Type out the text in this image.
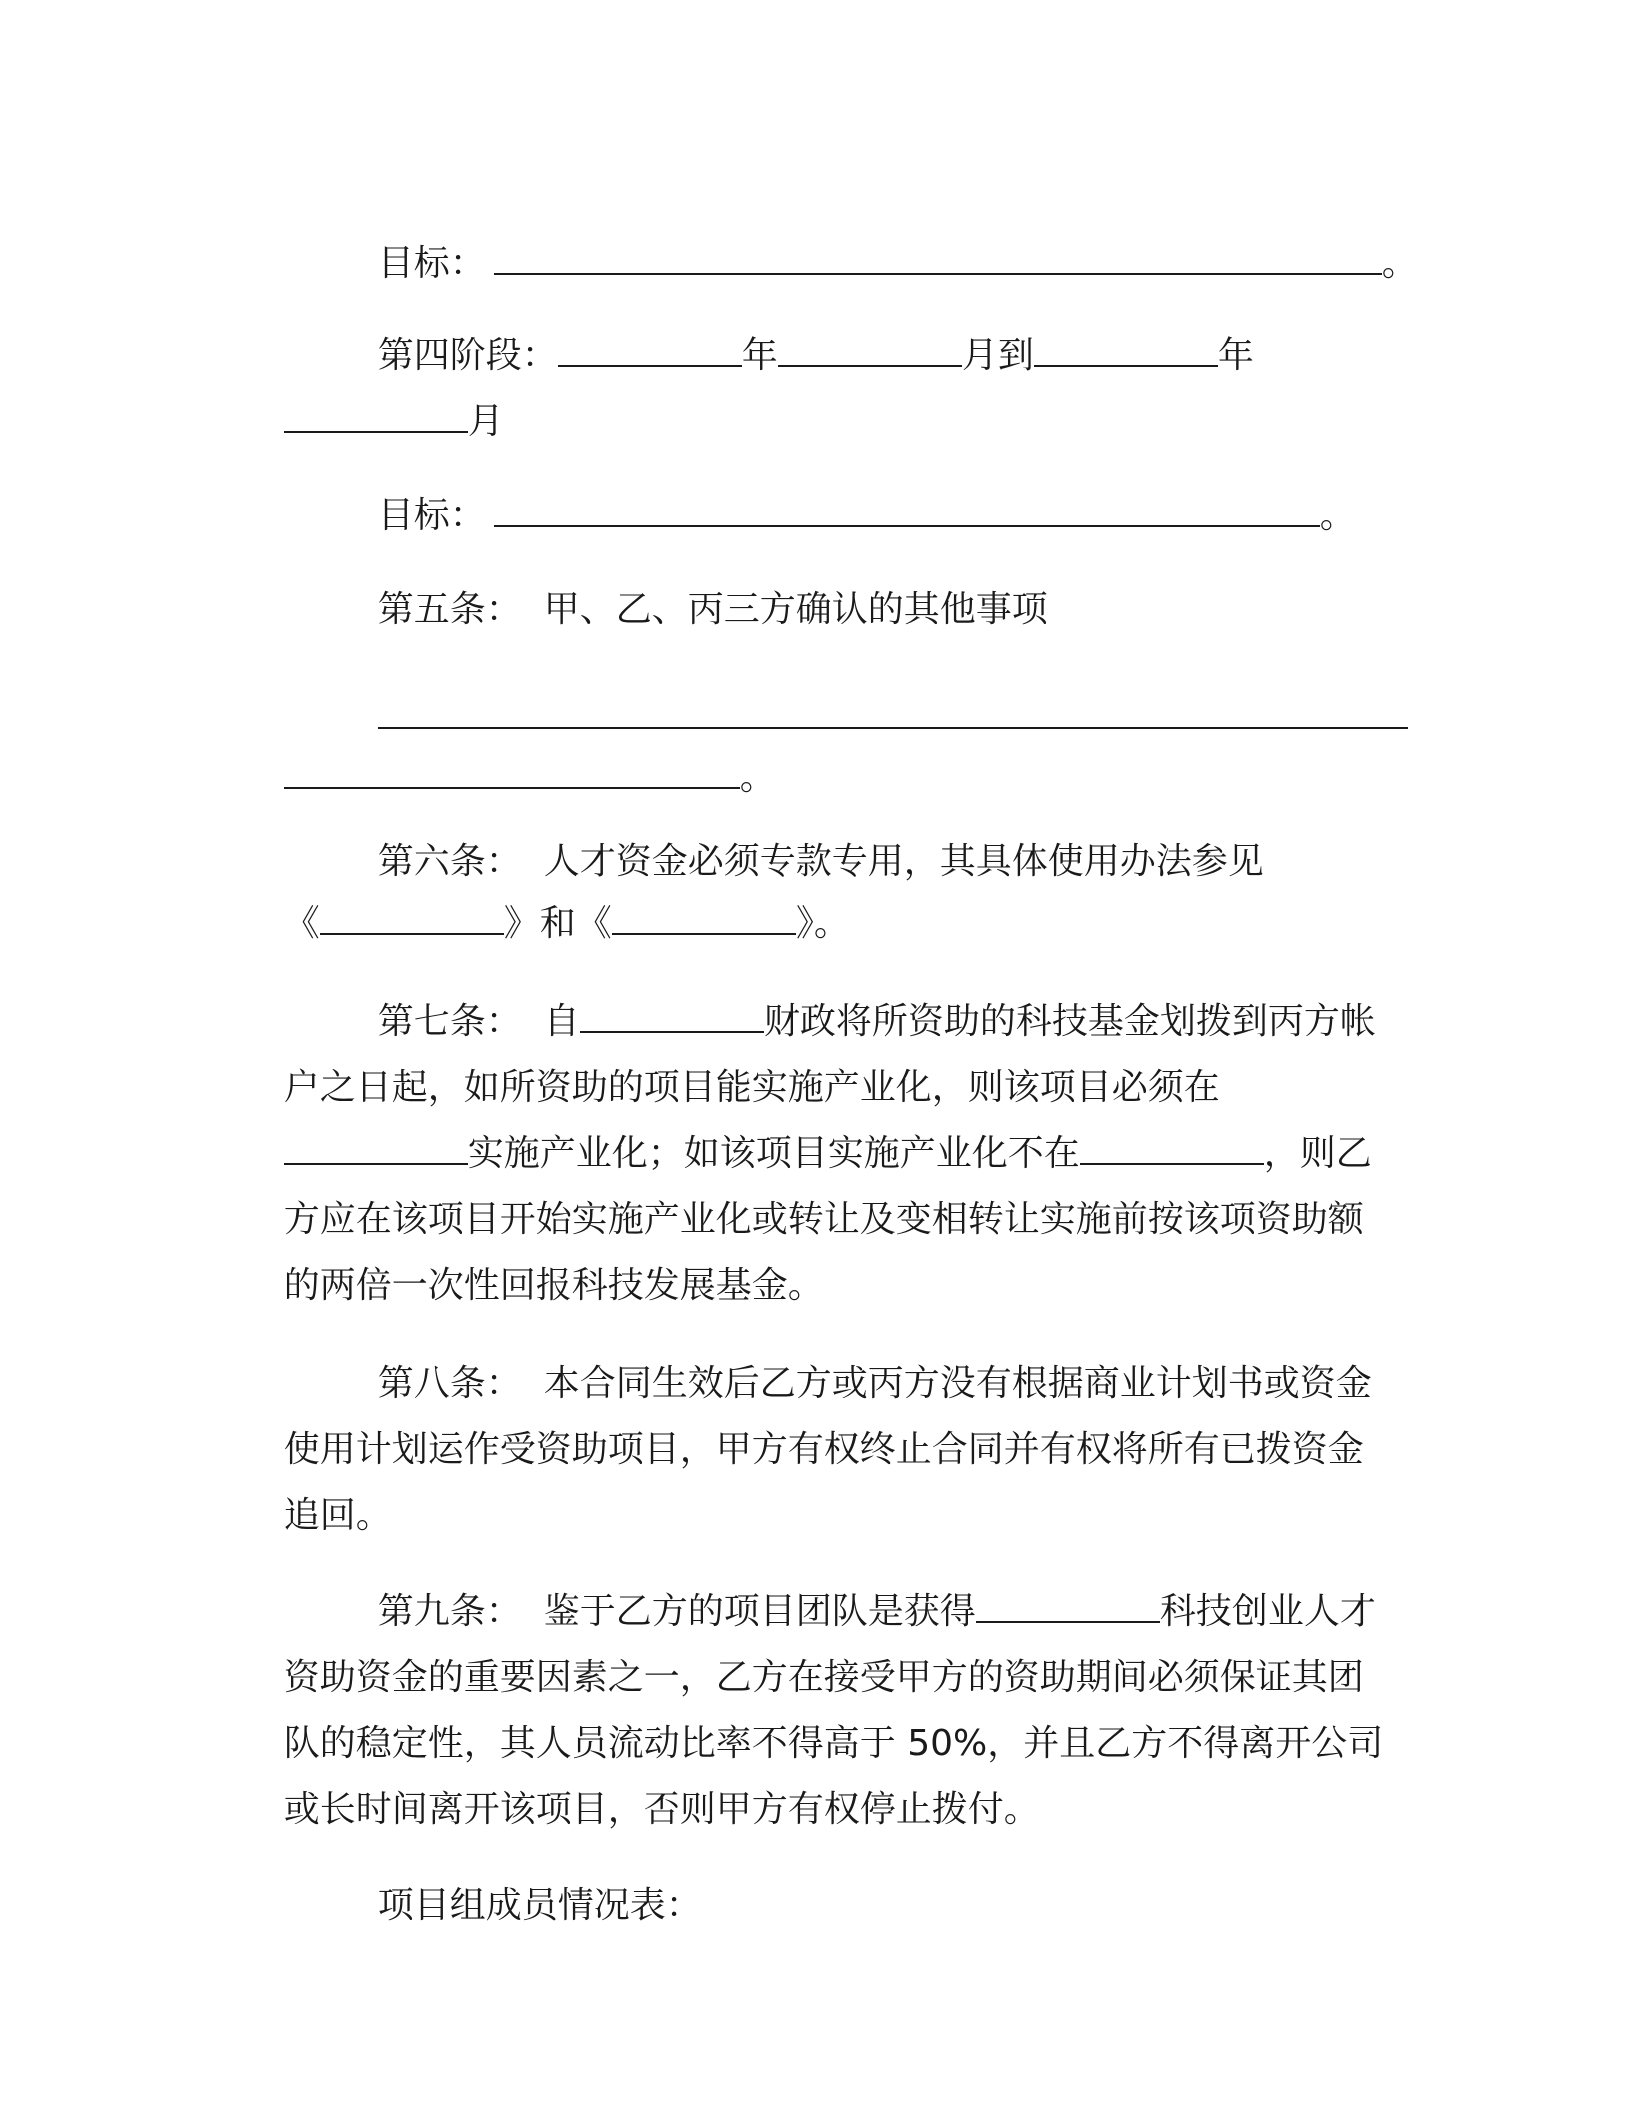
目标：	。

第四阶段：	年	月到	年

月

目标：	。

第五条： 甲、乙、丙三方确认的其他事项

。

第六条： 人才资金必须专款专用，其具体使用办法参见

《	》和《	》。

第七条： 自	财政将所资助的科技基金划拨到丙方帐

户之日起，如所资助的项目能实施产业化，则该项目必须在

实施产业化；如该项目实施产业化不在	，则乙

方应在该项目开始实施产业化或转让及变相转让实施前按该项资助额

的两倍一次性回报科技发展基金。

第八条： 本合同生效后乙方或丙方没有根据商业计划书或资金

使用计划运作受资助项目，甲方有权终止合同并有权将所有已拨资金

追回。

第九条： 鉴于乙方的项目团队是获得	科技创业人才

资助资金的重要因素之一，乙方在接受甲方的资助期间必须保证其团

队的稳定性，其人员流动比率不得高于 50%，并且乙方不得离开公司

或长时间离开该项目，否则甲方有权停止拨付。

项目组成员情况表：
